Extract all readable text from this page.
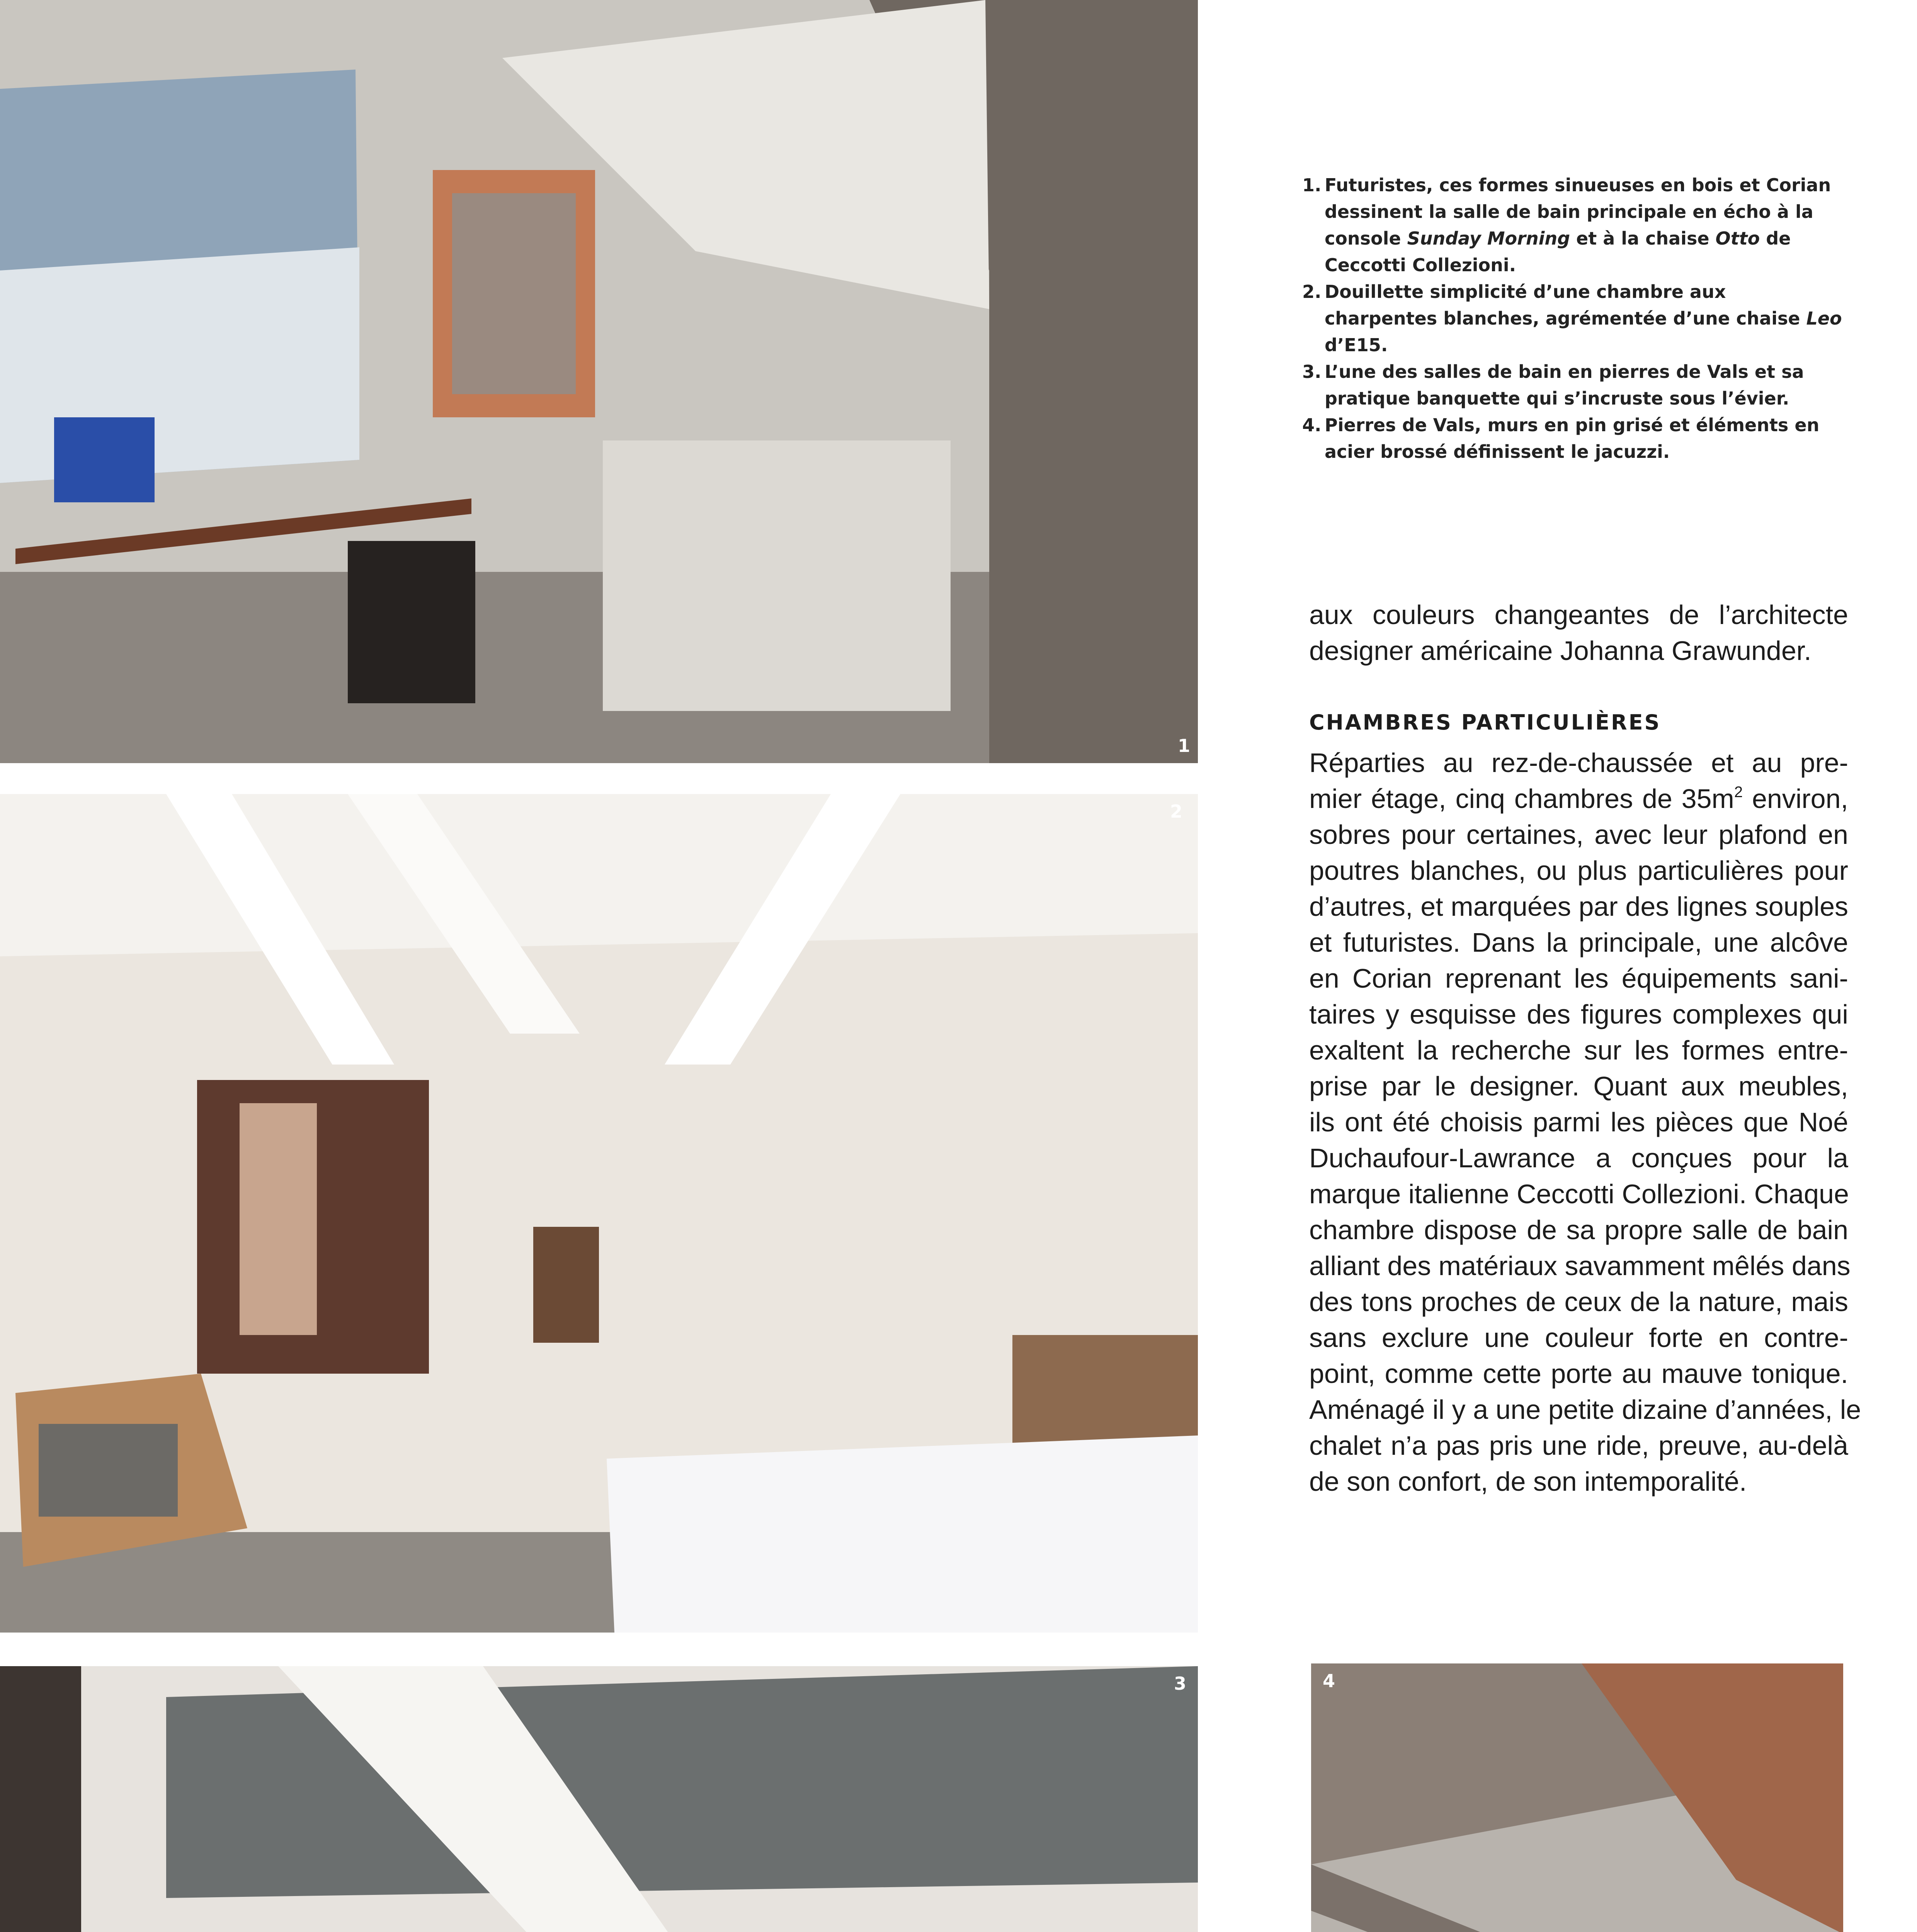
1
2
3	4
1. Futuristes, ces formes sinueuses en bois et Corian
dessinent la salle de bain principale en écho à la
console Sunday Morning et à la chaise Otto de
Ceccotti Collezioni.
2. Douillette simplicité d’une chambre aux charpentes blanches, agrémentée d’une chaise Leo d’E15.
3. L’une des salles de bain en pierres de Vals et sa pratique banquette qui s’incruste sous l’évier.
4. Pierres de Vals, murs en pin grisé et éléments en acier brossé définissent le jacuzzi.
aux couleurs changeantes de l’architecte
designer américaine Johanna Grawunder.
CHAMBRES PARTICULIÈRES
Réparties au rez-de-chaussée et au pre-
mier étage, cinq chambres de $35m^2$ environ,
sobres pour certaines, avec leur plafond en
poutres blanches, ou plus particulières pour
d’autres, et marquées par des lignes souples
et futuristes. Dans la principale, une alcôve
en Corian reprenant les équipements sani-
taires y esquisse des figures complexes qui
exaltent la recherche sur les formes entre-
prise par le designer. Quant aux meubles,
ils ont été choisis parmi les pièces que Noé
Duchaufour-Lawrance a conçues pour la
marque italienne Ceccotti Collezioni. Chaque
chambre dispose de sa propre salle de bain
alliant des matériaux savamment mêlés dans
des tons proches de ceux de la nature, mais
sans exclure une couleur forte en contre-
point, comme cette porte au mauve tonique.
Aménagé il y a une petite dizaine d’années, le
chalet n’a pas pris une ride, preuve, au-delà
de son confort, de son intemporalité.
